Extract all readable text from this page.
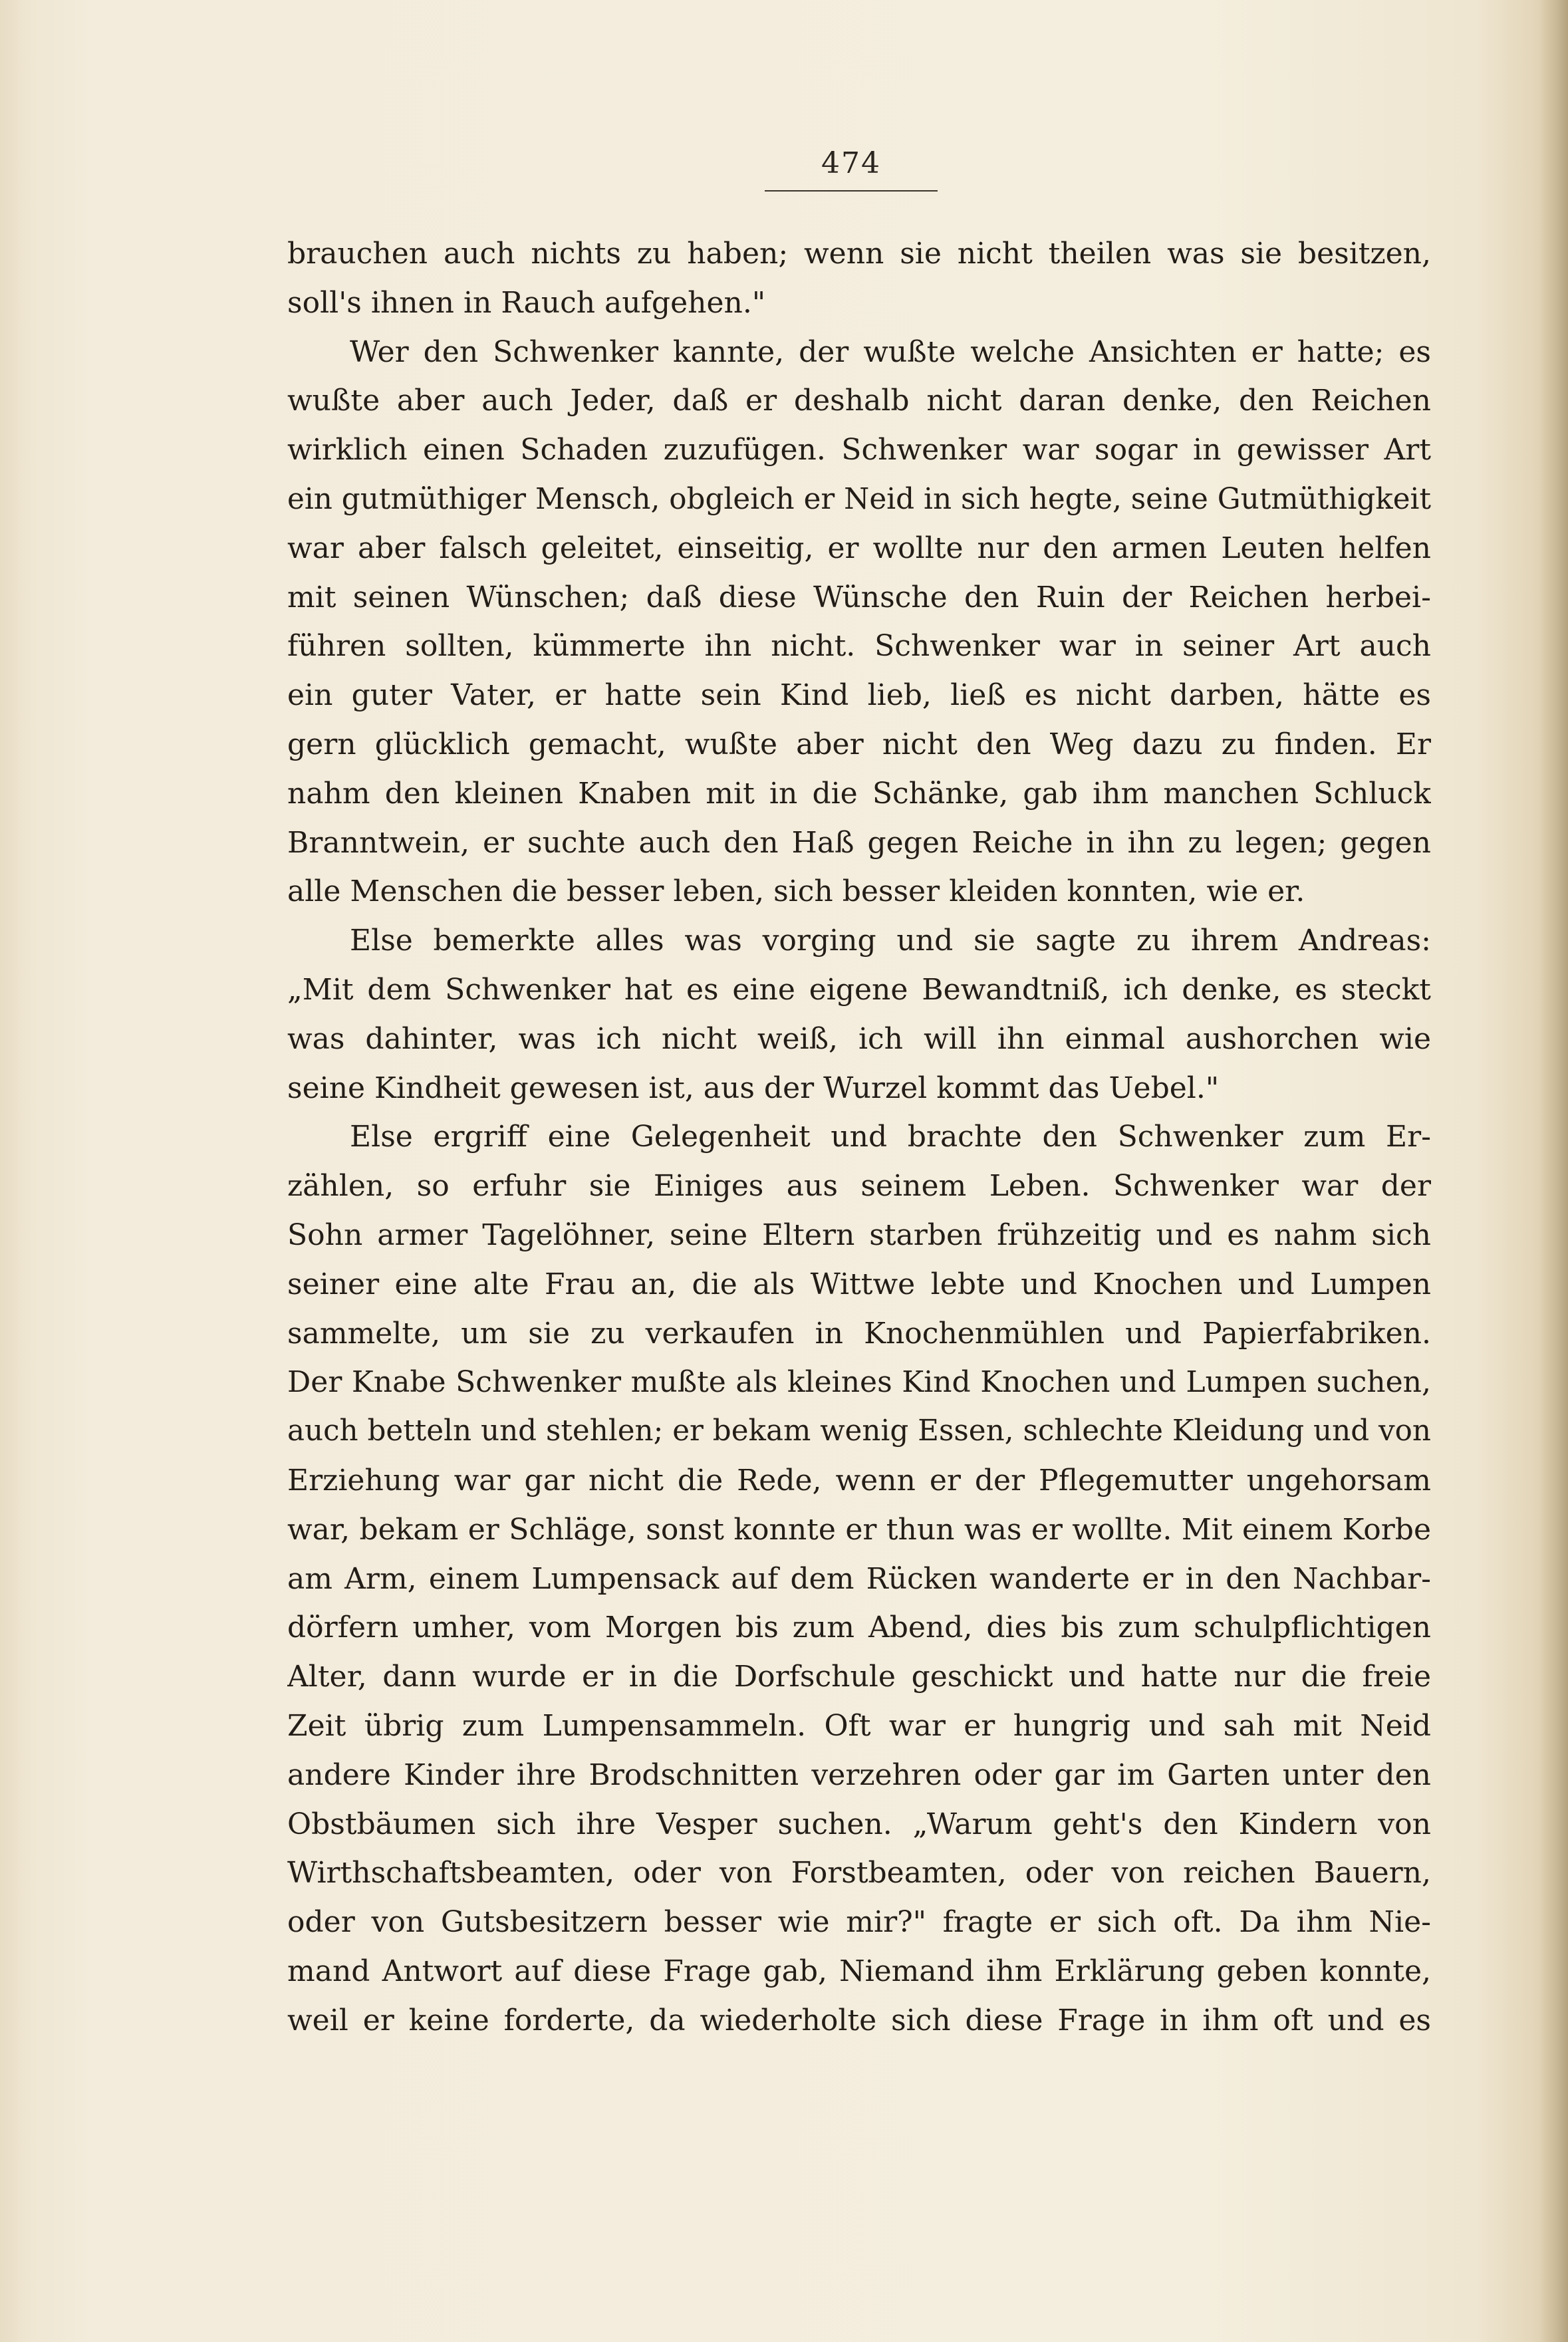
474
brauchen auch nichts zu haben; wenn sie nicht theilen was sie besitzen,
soll's ihnen in Rauch aufgehen."
Wer den Schwenker kannte, der wußte welche Ansichten er hatte; es
wußte aber auch Jeder, daß er deshalb nicht daran denke, den Reichen
wirklich einen Schaden zuzufügen. Schwenker war sogar in gewisser Art
ein gutmüthiger Mensch, obgleich er Neid in sich hegte, seine Gutmüthigkeit
war aber falsch geleitet, einseitig, er wollte nur den armen Leuten helfen
mit seinen Wünschen; daß diese Wünsche den Ruin der Reichen herbei-
führen sollten, kümmerte ihn nicht. Schwenker war in seiner Art auch
ein guter Vater, er hatte sein Kind lieb, ließ es nicht darben, hätte es
gern glücklich gemacht, wußte aber nicht den Weg dazu zu finden. Er
nahm den kleinen Knaben mit in die Schänke, gab ihm manchen Schluck
Branntwein, er suchte auch den Haß gegen Reiche in ihn zu legen; gegen
alle Menschen die besser leben, sich besser kleiden konnten, wie er.
Else bemerkte alles was vorging und sie sagte zu ihrem Andreas:
„Mit dem Schwenker hat es eine eigene Bewandtniß, ich denke, es steckt
was dahinter, was ich nicht weiß, ich will ihn einmal aushorchen wie
seine Kindheit gewesen ist, aus der Wurzel kommt das Uebel."
Else ergriff eine Gelegenheit und brachte den Schwenker zum Er-
zählen, so erfuhr sie Einiges aus seinem Leben. Schwenker war der
Sohn armer Tagelöhner, seine Eltern starben frühzeitig und es nahm sich
seiner eine alte Frau an, die als Wittwe lebte und Knochen und Lumpen
sammelte, um sie zu verkaufen in Knochenmühlen und Papierfabriken.
Der Knabe Schwenker mußte als kleines Kind Knochen und Lumpen suchen,
auch betteln und stehlen; er bekam wenig Essen, schlechte Kleidung und von
Erziehung war gar nicht die Rede, wenn er der Pflegemutter ungehorsam
war, bekam er Schläge, sonst konnte er thun was er wollte. Mit einem Korbe
am Arm, einem Lumpensack auf dem Rücken wanderte er in den Nachbar-
dörfern umher, vom Morgen bis zum Abend, dies bis zum schulpflichtigen
Alter, dann wurde er in die Dorfschule geschickt und hatte nur die freie
Zeit übrig zum Lumpensammeln. Oft war er hungrig und sah mit Neid
andere Kinder ihre Brodschnitten verzehren oder gar im Garten unter den
Obstbäumen sich ihre Vesper suchen. „Warum geht's den Kindern von
Wirthschaftsbeamten, oder von Forstbeamten, oder von reichen Bauern,
oder von Gutsbesitzern besser wie mir?" fragte er sich oft. Da ihm Nie-
mand Antwort auf diese Frage gab, Niemand ihm Erklärung geben konnte,
weil er keine forderte, da wiederholte sich diese Frage in ihm oft und es
